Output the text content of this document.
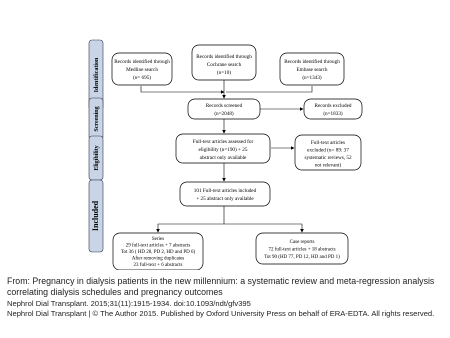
Identification
Screening
Eligibility
Included
Records identified through
Medline search
(n= 695)
Records identified through
Cochrane search
(n=10)
Records identified through
Embase search
(n=1343)
Records screened
(n=2048)
Records excluded
(n=1833)
Full-text articles assessed for
eligibility (n=190) + 25
abstract only available
Full-text articles
excluded (n= 89: 37
systematic reviews, 52
not relevant)
101 Full-text articles included
+ 25 abstract only available
Series
29 full-text articles + 7 abstracts
Tot 36 ( HD 28, PD 2, HD and PD 6)
After removing duplicates
23 full-text + 6 abstracts
Case reports
72 full-text articles + 18 abstracts
Tot 90 (HD 77, PD 12, HD and PD 1)
From: Pregnancy in dialysis patients in the new millennium: a systematic review and meta-regression analysis
correlating dialysis schedules and pregnancy outcomes
Nephrol Dial Transplant. 2015;31(11):1915-1934. doi:10.1093/ndt/gfv395
Nephrol Dial Transplant | © The Author 2015. Published by Oxford University Press on behalf of ERA-EDTA. All rights reserved.
